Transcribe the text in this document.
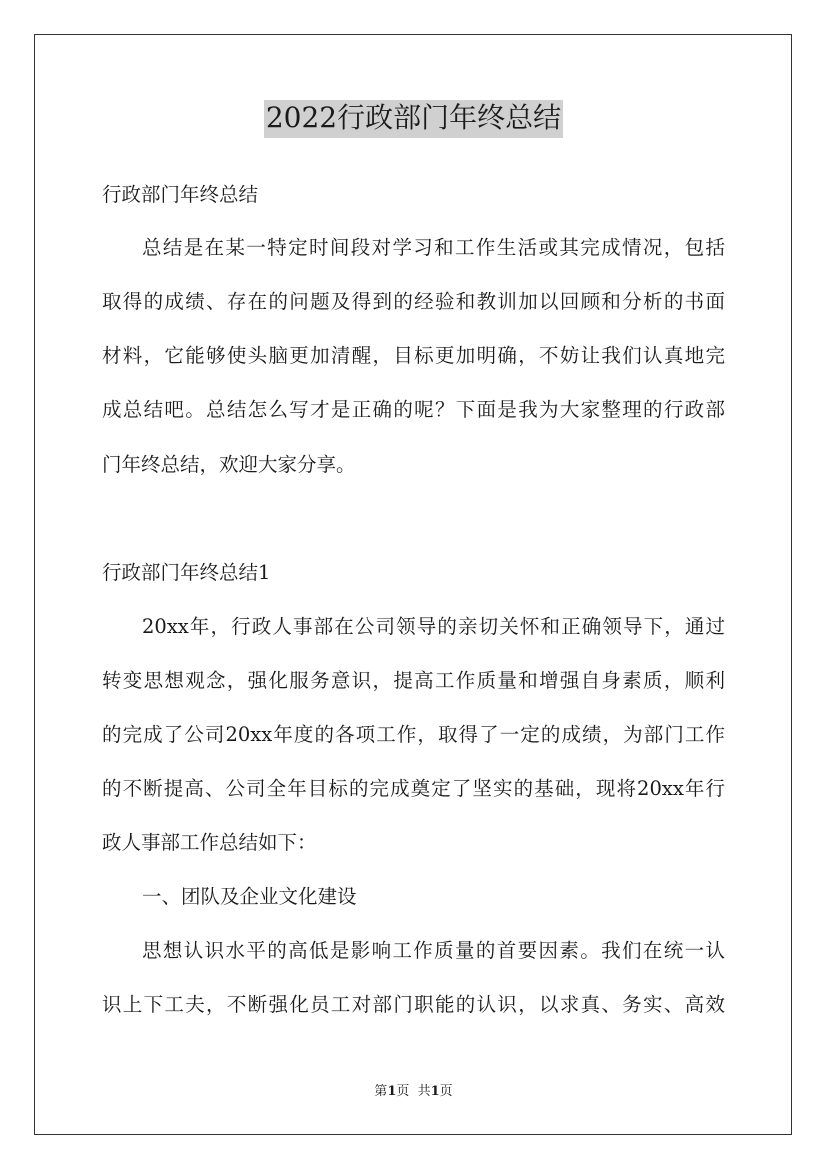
2022行政部门年终总结
行政部门年终总结
总结是在某一特定时间段对学习和工作生活或其完成情况，包括
取得的成绩、存在的问题及得到的经验和教训加以回顾和分析的书面
材料，它能够使头脑更加清醒，目标更加明确，不妨让我们认真地完
成总结吧。总结怎么写才是正确的呢？下面是我为大家整理的行政部
门年终总结，欢迎大家分享。
行政部门年终总结1
20xx年，行政人事部在公司领导的亲切关怀和正确领导下，通过
转变思想观念，强化服务意识，提高工作质量和增强自身素质，顺利
的完成了公司20xx年度的各项工作，取得了一定的成绩，为部门工作
的不断提高、公司全年目标的完成奠定了坚实的基础，现将20xx年行
政人事部工作总结如下：
一、团队及企业文化建设
思想认识水平的高低是影响工作质量的首要因素。我们在统一认
识上下工夫，不断强化员工对部门职能的认识，以求真、务实、高效
第1页  共1页
